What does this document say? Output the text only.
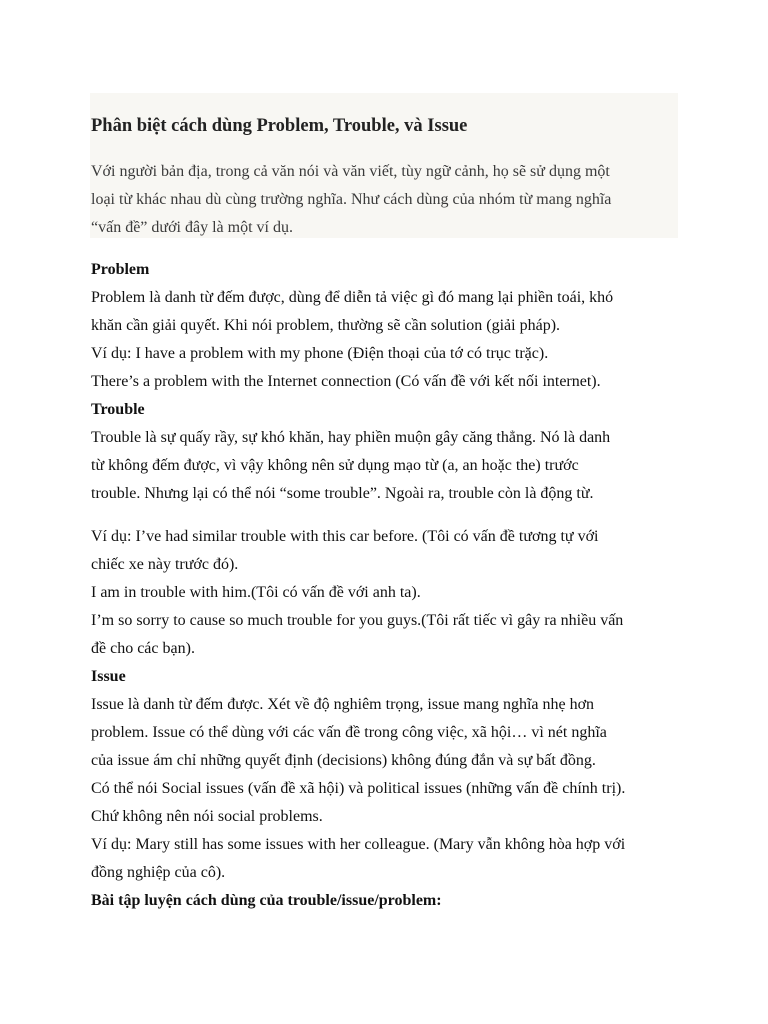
Phân biệt cách dùng Problem, Trouble, và Issue
Với người bản địa, trong cả văn nói và văn viết, tùy ngữ cảnh, họ sẽ sử dụng một
loại từ khác nhau dù cùng trường nghĩa. Như cách dùng của nhóm từ mang nghĩa
“vấn đề” dưới đây là một ví dụ.
Problem
Problem là danh từ đếm được, dùng để diễn tả việc gì đó mang lại phiền toái, khó
khăn cần giải quyết. Khi nói problem, thường sẽ cần solution (giải pháp).
Ví dụ: I have a problem with my phone (Điện thoại của tớ có trục trặc).
There’s a problem with the Internet connection (Có vấn đề với kết nối internet).
Trouble
Trouble là sự quấy rầy, sự khó khăn, hay phiền muộn gây căng thẳng. Nó là danh
từ không đếm được, vì vậy không nên sử dụng mạo từ (a, an hoặc the) trước
trouble. Nhưng lại có thể nói “some trouble”. Ngoài ra, trouble còn là động từ.
Ví dụ: I’ve had similar trouble with this car before. (Tôi có vấn đề tương tự với
chiếc xe này trước đó).
I am in trouble with him.(Tôi có vấn đề với anh ta).
I’m so sorry to cause so much trouble for you guys.(Tôi rất tiếc vì gây ra nhiều vấn
đề cho các bạn).
Issue
Issue là danh từ đếm được. Xét về độ nghiêm trọng, issue mang nghĩa nhẹ hơn
problem. Issue có thể dùng với các vấn đề trong công việc, xã hội… vì nét nghĩa
của issue ám chỉ những quyết định (decisions) không đúng đắn và sự bất đồng.
Có thể nói Social issues (vấn đề xã hội) và political issues (những vấn đề chính trị).
Chứ không nên nói social problems.
Ví dụ: Mary still has some issues with her colleague. (Mary vẫn không hòa hợp với
đồng nghiệp của cô).
Bài tập luyện cách dùng của trouble/issue/problem:
